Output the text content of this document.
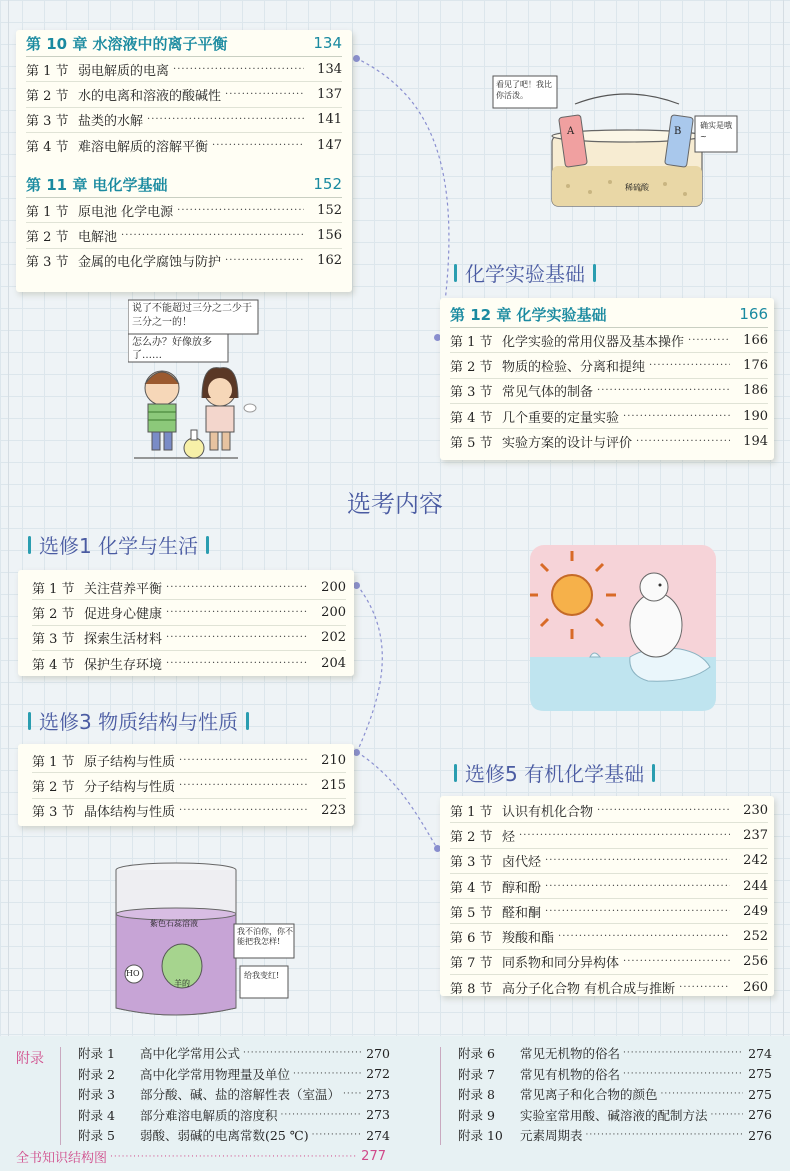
第 10 章 水溶液中的离子平衡	134
第 1 节 弱电解质的电离 ·····	134
第 2 节 水的电离和溶液的酸碱性 ·····	137
第 3 节 盐类的水解 ·····	141
第 4 节 难溶电解质的溶解平衡 ·····	147
第 11 章 电化学基础	152
第 1 节 原电池 化学电源 ·····	152
第 2 节 电解池 ·····	156
第 3 节 金属的电化学腐蚀与防护 ·····	162
看见了吧！我比你活泼。
确实是哦~
A	B
稀硫酸
化学实验基础
第 12 章 化学实验基础	166
第 1 节 化学实验的常用仪器及基本操作 ·····	166
第 2 节 物质的检验、分离和提纯 ·····	176
第 3 节 常见气体的制备 ·····	186
第 4 节 几个重要的定量实验 ·····	190
第 5 节 实验方案的设计与评价 ·····	194
说了不能超过三分之二少于三分之一的！
怎么办？好像放多了……
选考内容
选修1 化学与生活
第 1 节 关注营养平衡 ·····	200
第 2 节 促进身心健康 ·····	200
第 3 节 探索生活材料 ·····	202
第 4 节 保护生存环境 ·····	204
选修3 物质结构与性质
第 1 节 原子结构与性质 ·····	210
第 2 节 分子结构与性质 ·····	215
第 3 节 晶体结构与性质 ·····	223
紫色石蕊溶液
HO
羊的
我不泊你，你不能把我怎样!
给我变红!
选修5 有机化学基础
第 1 节 认识有机化合物 ·····	230
第 2 节 烃 ·····	237
第 3 节 卤代烃 ·····	242
第 4 节 醇和酚 ·····	244
第 5 节 醛和酮 ·····	249
第 6 节 羧酸和酯 ·····	252
第 7 节 同系物和同分异构体 ·····	256
第 8 节 高分子化合物 有机合成与推断 ·····	260
附录	附录 1	高中化学常用公式 ·····	270
附录 2	高中化学常用物理量及单位 ·····	272
附录 3	部分酸、碱、盐的溶解性表（室温） ····· 273
附录 4	部分难溶电解质的溶度积 ·····	273
附录 5	弱酸、弱碱的电离常数(25 ℃) ·····	274
附录 6	常见无机物的俗名 ·····	274
附录 7	常见有机物的俗名 ·····	275
附录 8	常见离子和化合物的颜色 ·····	275
附录 9	实验室常用酸、碱溶液的配制方法 ·····	276
附录 10	元素周期表 ·····	276
全书知识结构图 ·····	277
